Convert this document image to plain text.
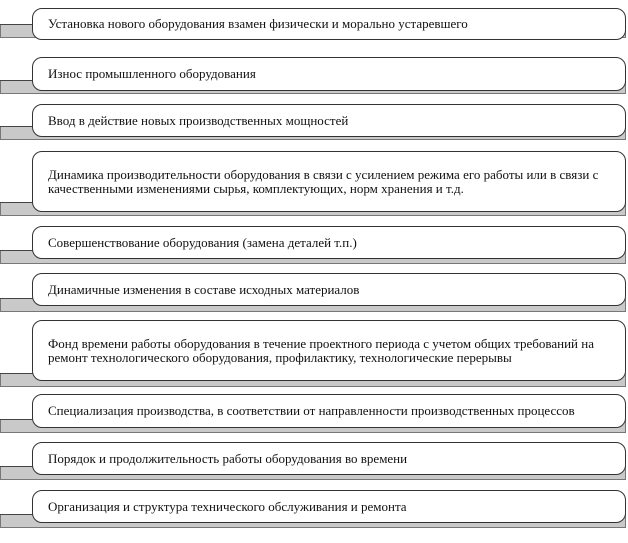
Установка нового оборудования взамен физически и морально устаревшего
Износ промышленного оборудования
Ввод в действие новых производственных мощностей
Динамика производительности оборудования в связи с усилением режима его работы или в связи с качественными изменениями сырья, комплектующих, норм хранения и т.д.
Совершенствование оборудования (замена деталей т.п.)
Динамичные изменения в составе исходных материалов
Фонд времени работы оборудования в течение проектного периода с учетом общих требований на ремонт технологического оборудования, профилактику, технологические перерывы
Специализация производства, в соответствии от направленности производственных процессов
Порядок и продолжительность работы оборудования во времени
Организация и структура технического обслуживания и ремонта
